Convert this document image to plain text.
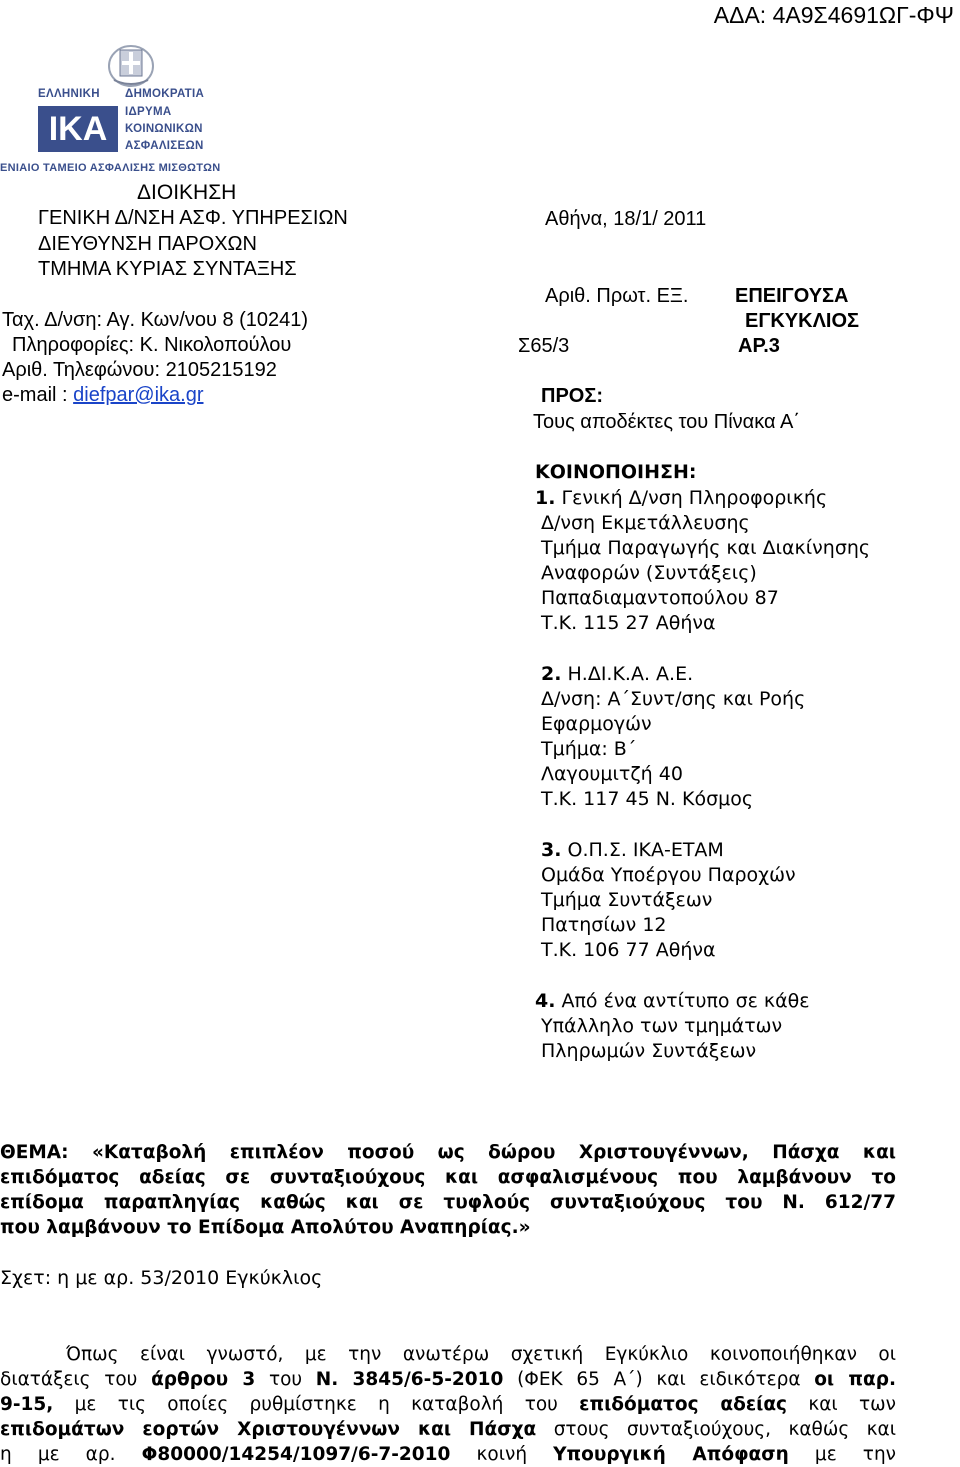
ΑΔΑ: 4Α9Σ4691ΩΓ-ΦΨ
ΕΛΛΗΝΙΚΗ ΔΗΜΟΚΡΑΤΙΑ
ΙΚΑ	ΙΔΡΥΜΑ
ΚΟΙΝΩΝΙΚΩΝ
ΑΣΦΑΛΙΣΕΩΝ
ΕΝΙΑΙΟ ΤΑΜΕΙΟ ΑΣΦΑΛΙΣΗΣ ΜΙΣΘΩΤΩΝ
ΔΙΟΙΚΗΣΗ
ΓΕΝΙΚΗ Δ/ΝΣΗ ΑΣΦ. ΥΠΗΡΕΣΙΩΝ
ΔΙΕΥΘΥΝΣΗ ΠΑΡΟΧΩΝ
ΤΜΗΜΑ ΚΥΡΙΑΣ ΣΥΝΤΑΞΗΣ
Ταχ. Δ/νση: Αγ. Κων/νου 8 (10241)
Πληροφορίες: Κ. Νικολοπούλου
Αριθ. Τηλεφώνου: 2105215192
e-mail : diefpar@ika.gr
Αθήνα, 18/1/ 2011
Αριθ. Πρωτ. ΕΞ. ΕΠΕΙΓΟΥΣΑ
ΕΓΚΥΚΛΙΟΣ
Σ65/3	ΑΡ.3
ΠΡΟΣ:
Τους αποδέκτες του Πίνακα Α΄
ΚΟΙΝΟΠΟΙΗΣΗ:
1. Γενική Δ/νση Πληροφορικής
Δ/νση Εκμετάλλευσης
Τμήμα Παραγωγής και Διακίνησης
Αναφορών (Συντάξεις)
Παπαδιαμαντοπούλου 87
Τ.Κ. 115 27 Αθήνα
2. Η.ΔΙ.Κ.Α. Α.Ε.
Δ/νση: Α΄Συντ/σης και Ροής
Εφαρμογών
Τμήμα: Β΄
Λαγουμιτζή 40
Τ.Κ. 117 45 Ν. Κόσμος
3. Ο.Π.Σ. ΙΚΑ-ΕΤΑΜ
Ομάδα Υποέργου Παροχών
Τμήμα Συντάξεων
Πατησίων 12
Τ.Κ. 106 77 Αθήνα
4. Από ένα αντίτυπο σε κάθε
Υπάλληλο των τμημάτων
Πληρωμών Συντάξεων
ΘΕΜΑ: «Καταβολή επιπλέον ποσού ως δώρου Χριστουγέννων, Πάσχα και
επιδόματος αδείας σε συνταξιούχους και ασφαλισμένους που λαμβάνουν το
επίδομα παραπληγίας καθώς και σε τυφλούς συνταξιούχους του Ν. 612/77
που λαμβάνουν το Επίδομα Απολύτου Αναπηρίας.»
Σχετ: η με αρ. 53/2010 Εγκύκλιος
Όπως είναι γνωστό, με την ανωτέρω σχετική Εγκύκλιο κοινοποιήθηκαν οι
διατάξεις του άρθρου 3 του Ν. 3845/6-5-2010 (ΦΕΚ 65 Α΄) και ειδικότερα οι παρ.
9-15, με τις οποίες ρυθμίστηκε η καταβολή του επιδόματος αδείας και των
επιδομάτων εορτών Χριστουγέννων και Πάσχα στους συνταξιούχους, καθώς και
η με αρ. Φ80000/14254/1097/6-7-2010 κοινή Υπουργική Απόφαση με την
